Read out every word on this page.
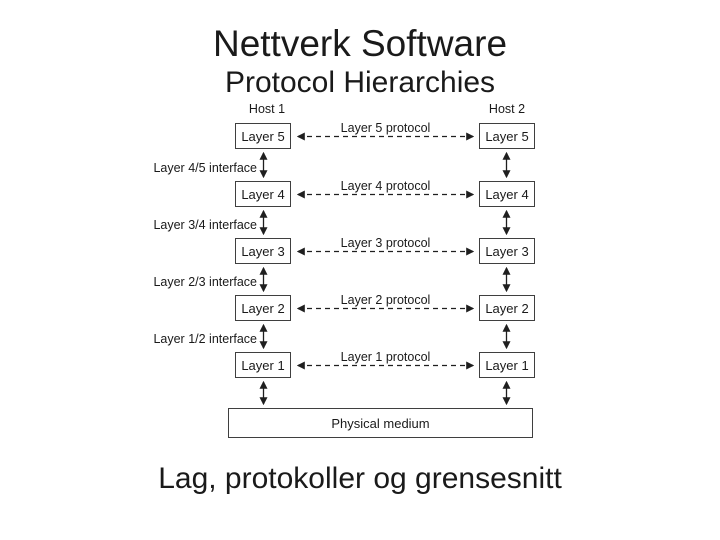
Nettverk Software
Protocol Hierarchies
Host 1	Host 2
Layer 5
Layer 4
Layer 3
Layer 2
Layer 1
Layer 5
Layer 4
Layer 3
Layer 2
Layer 1
Layer 5 protocol
Layer 4 protocol
Layer 3 protocol
Layer 2 protocol
Layer 1 protocol
Layer 4/5 interface
Layer 3/4 interface
Layer 2/3 interface
Layer 1/2 interface
Physical medium
Lag, protokoller og grensesnitt
